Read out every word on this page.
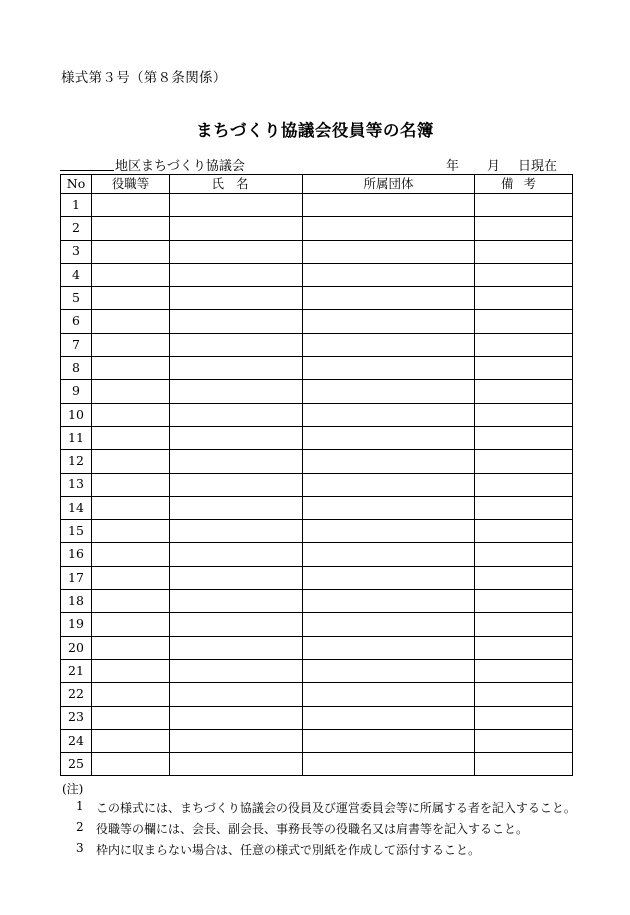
様式第３号（第８条関係）
まちづくり協議会役員等の名簿
地区まちづくり協議会	年 月 日現在
No	役職等	氏名	所属団体	備考
1				
2				
3				
4				
5				
6				
7				
8				
9				
10				
11				
12				
13				
14				
15				
16				
17				
18				
19				
20				
21				
22				
23				
24				
25				
(注)
1 この様式には、まちづくり協議会の役員及び運営委員会等に所属する者を記入すること。
2 役職等の欄には、会長、副会長、事務長等の役職名又は肩書等を記入すること。
3 枠内に収まらない場合は、任意の様式で別紙を作成して添付すること。
